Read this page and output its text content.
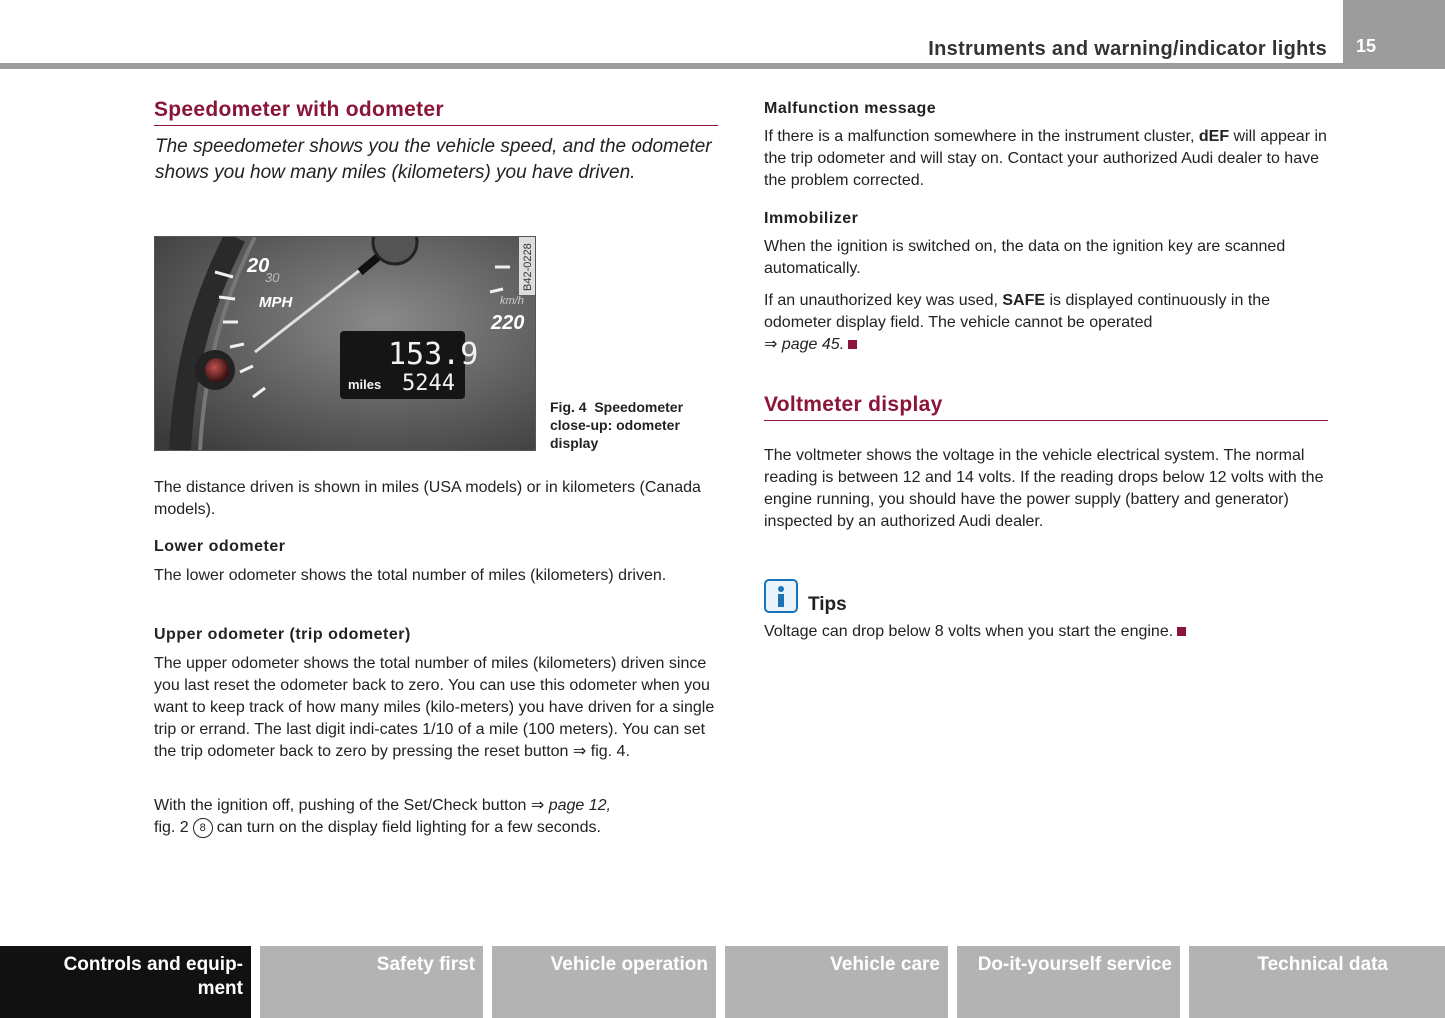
Instruments and warning/indicator lights 15
Speedometer with odometer
The speedometer shows you the vehicle speed, and the odometer shows you how many miles (kilometers) you have driven.
20
30
MPH	km/h
220
153.9
miles 5244
B42-0228
Fig. 4 Speedometer close-up: odometer display
The distance driven is shown in miles (USA models) or in kilometers (Canada models).
Lower odometer
The lower odometer shows the total number of miles (kilometers) driven.
Upper odometer (trip odometer)
The upper odometer shows the total number of miles (kilometers) driven since you last reset the odometer back to zero. You can use this odometer when you want to keep track of how many miles (kilo-meters) you have driven for a single trip or errand. The last digit indi-cates 1/10 of a mile (100 meters). You can set the trip odometer back to zero by pressing the reset button ⇒ fig. 4.
With the ignition off, pushing of the Set/Check button ⇒ page 12,
fig. 2 8 can turn on the display field lighting for a few seconds.
Malfunction message
If there is a malfunction somewhere in the instrument cluster, dEF will appear in the trip odometer and will stay on. Contact your authorized Audi dealer to have the problem corrected.
Immobilizer
When the ignition is switched on, the data on the ignition key are scanned automatically.
If an unauthorized key was used, SAFE is displayed continuously in the odometer display field. The vehicle cannot be operated
⇒ page 45.
Voltmeter display
The voltmeter shows the voltage in the vehicle electrical system. The normal reading is between 12 and 14 volts. If the reading drops below 12 volts with the engine running, you should have the power supply (battery and generator) inspected by an authorized Audi dealer.
Tips
Voltage can drop below 8 volts when you start the engine.
Controls and equip-
ment
Safety first	Vehicle operation	Vehicle care	Do-it-yourself service	Technical data
